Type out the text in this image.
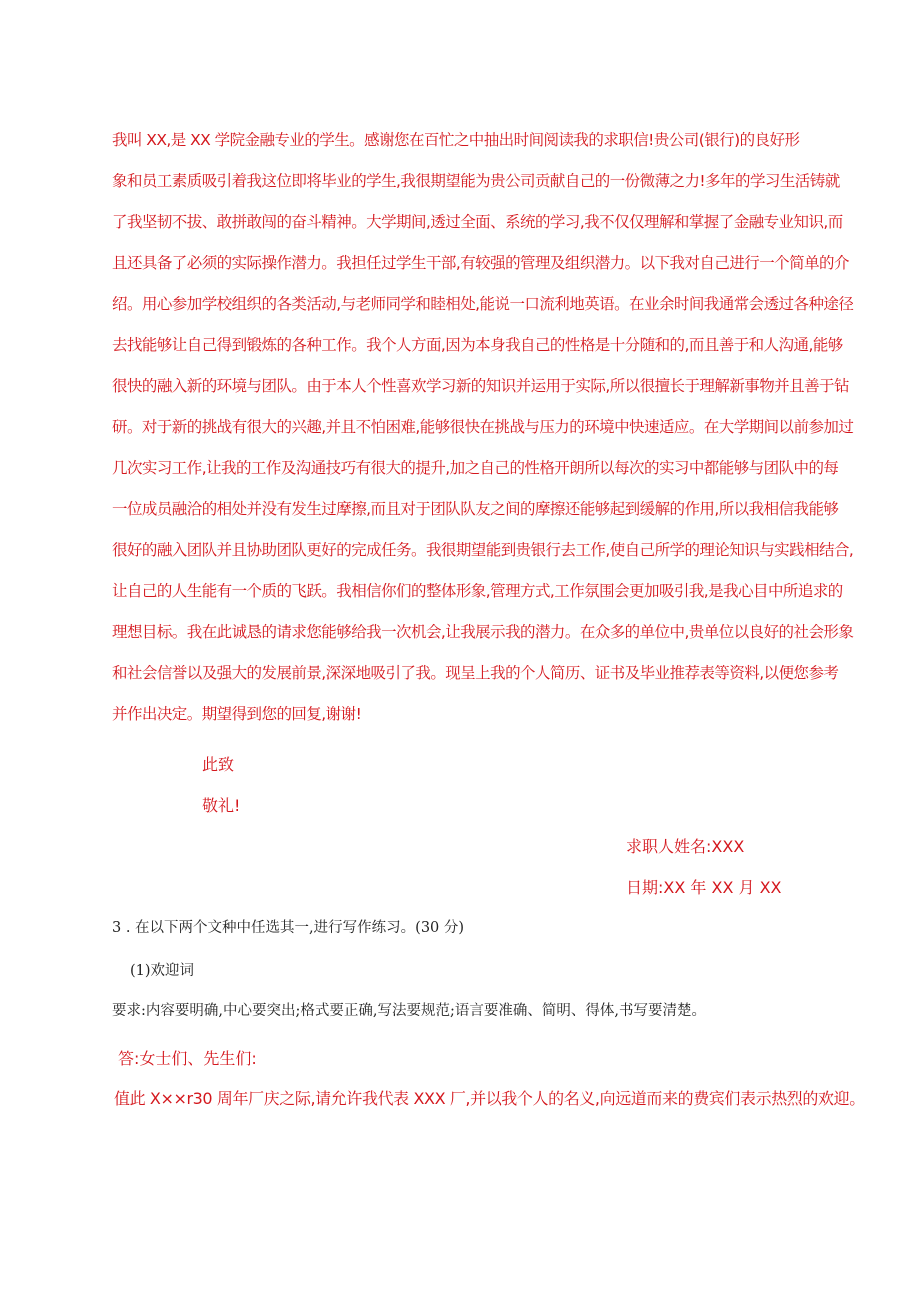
我叫 XX,是 XX 学院金融专业的学生。感谢您在百忙之中抽出时间阅读我的求职信!贵公司(银行)的良好形

象和员工素质吸引着我这位即将毕业的学生,我很期望能为贵公司贡献自己的一份微薄之力!多年的学习生活铸就

了我坚韧不拔、敢拼敢闯的奋斗精神。大学期间,透过全面、系统的学习,我不仅仅理解和掌握了金融专业知识,而

且还具备了必须的实际操作潜力。我担任过学生干部,有较强的管理及组织潜力。以下我对自己进行一个简单的介

绍。用心参加学校组织的各类活动,与老师同学和睦相处,能说一口流利地英语。在业余时间我通常会透过各种途径

去找能够让自己得到锻炼的各种工作。我个人方面,因为本身我自己的性格是十分随和的,而且善于和人沟通,能够

很快的融入新的环境与团队。由于本人个性喜欢学习新的知识并运用于实际,所以很擅长于理解新事物并且善于钻

研。对于新的挑战有很大的兴趣,并且不怕困难,能够很快在挑战与压力的环境中快速适应。在大学期间以前参加过

几次实习工作,让我的工作及沟通技巧有很大的提升,加之自己的性格开朗所以每次的实习中都能够与团队中的每

一位成员融洽的相处并没有发生过摩擦,而且对于团队队友之间的摩擦还能够起到缓解的作用,所以我相信我能够

很好的融入团队并且协助团队更好的完成任务。我很期望能到贵银行去工作,使自己所学的理论知识与实践相结合,

让自己的人生能有一个质的飞跃。我相信你们的整体形象,管理方式,工作氛围会更加吸引我,是我心目中所追求的

理想目标。我在此诚恳的请求您能够给我一次机会,让我展示我的潜力。在众多的单位中,贵单位以良好的社会形象

和社会信誉以及强大的发展前景,深深地吸引了我。现呈上我的个人简历、证书及毕业推荐表等资料,以便您参考

并作出决定。期望得到您的回复,谢谢!

此致

敬礼!

求职人姓名:XXX

日期:XX 年 XX 月 XX

3 . 在以下两个文种中任选其一,进行写作练习。(30 分)

(1)欢迎词

要求:内容要明确,中心要突出;格式要正确,写法要规范;语言要准确、简明、得体,书写要清楚。

答:女士们、先生们:

值此 X××r30 周年厂庆之际,请允许我代表 XXX 厂,并以我个人的名义,向远道而来的费宾们表示热烈的欢迎。
